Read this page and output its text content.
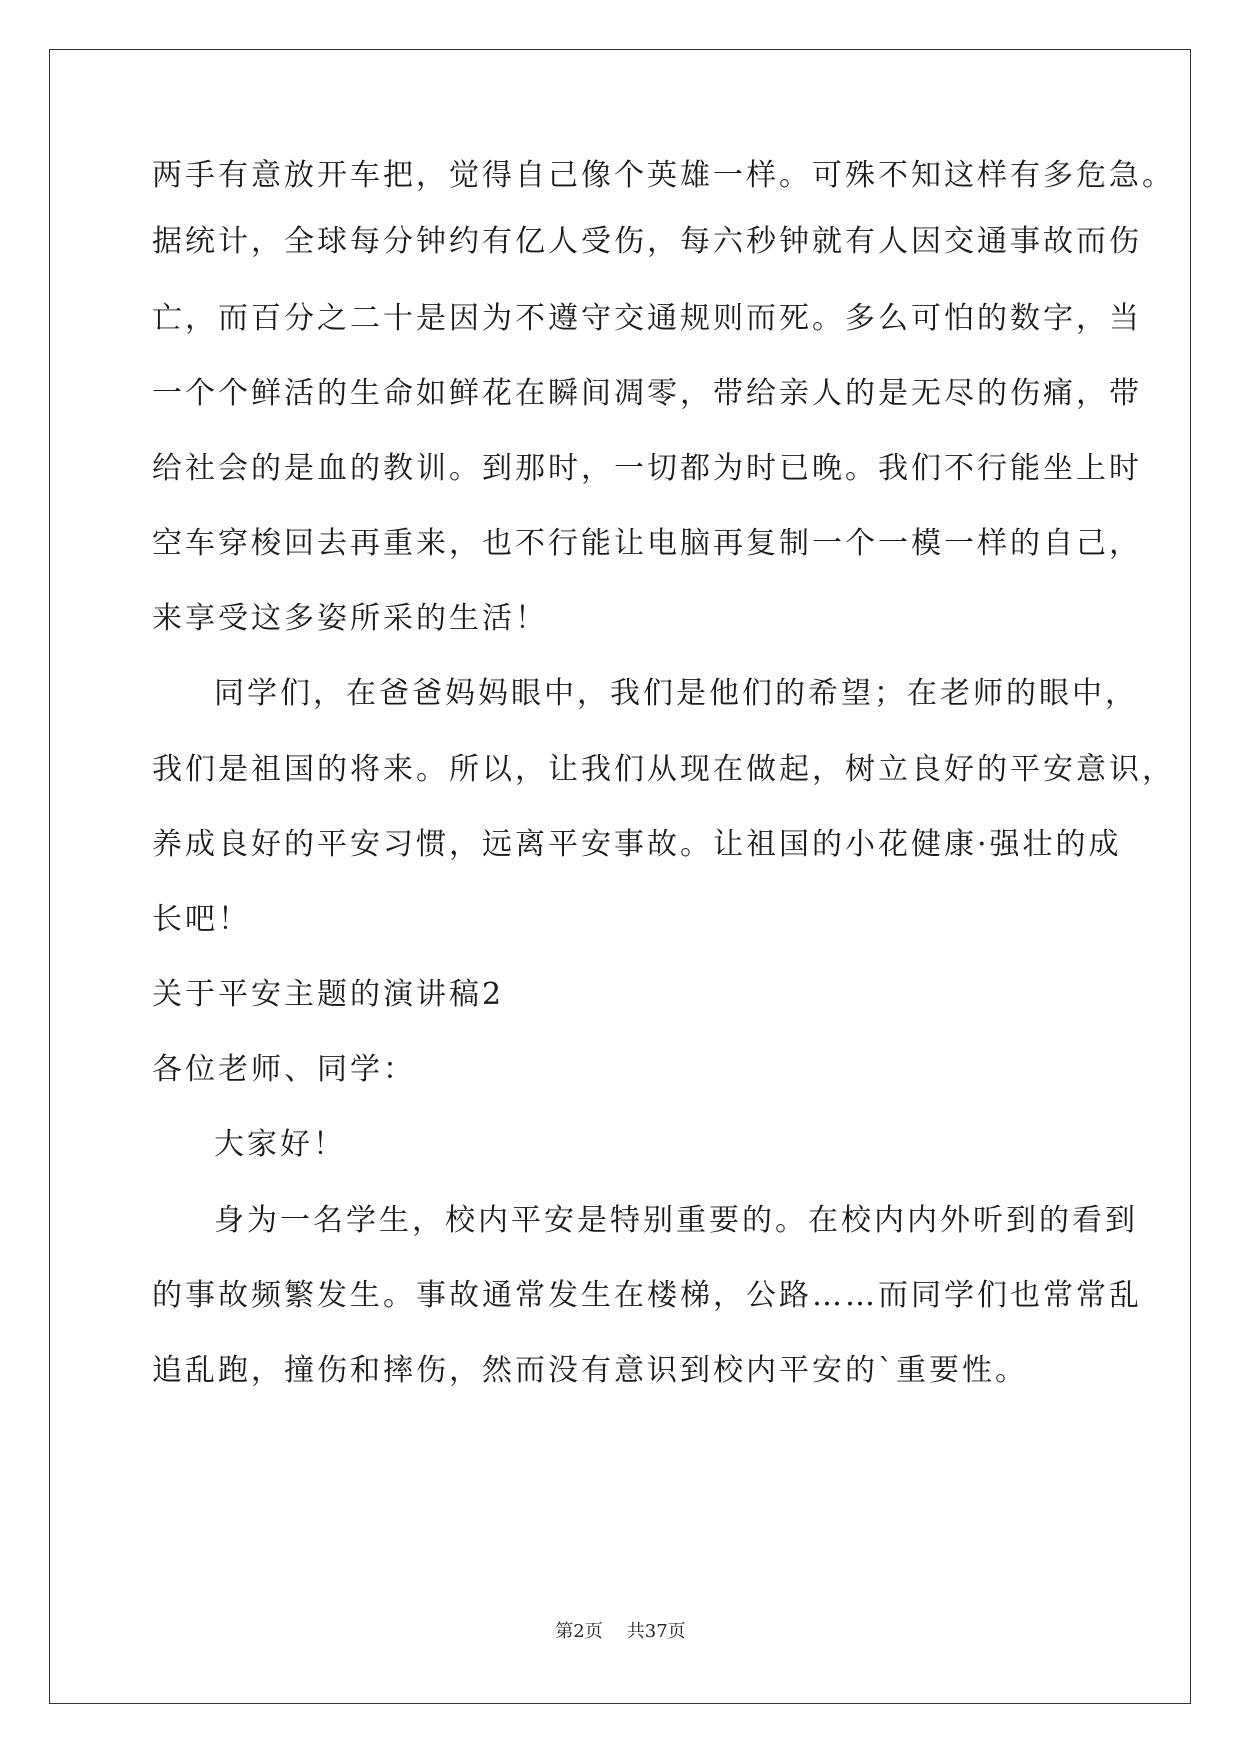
两手有意放开车把，觉得自己像个英雄一样。可殊不知这样有多危急。
据统计，全球每分钟约有亿人受伤，每六秒钟就有人因交通事故而伤
亡，而百分之二十是因为不遵守交通规则而死。多么可怕的数字，当
一个个鲜活的生命如鲜花在瞬间凋零，带给亲人的是无尽的伤痛，带
给社会的是血的教训。到那时，一切都为时已晚。我们不行能坐上时
空车穿梭回去再重来，也不行能让电脑再复制一个一模一样的自己，
来享受这多姿所采的生活！
同学们，在爸爸妈妈眼中，我们是他们的希望；在老师的眼中，
我们是祖国的将来。所以，让我们从现在做起，树立良好的平安意识，
养成良好的平安习惯，远离平安事故。让祖国的小花健康·强壮的成
长吧！
关于平安主题的演讲稿2
各位老师、同学：
大家好！
身为一名学生，校内平安是特别重要的。在校内内外听到的看到
的事故频繁发生。事故通常发生在楼梯，公路……而同学们也常常乱
追乱跑，撞伤和摔伤，然而没有意识到校内平安的`重要性。
第2页 共37页
